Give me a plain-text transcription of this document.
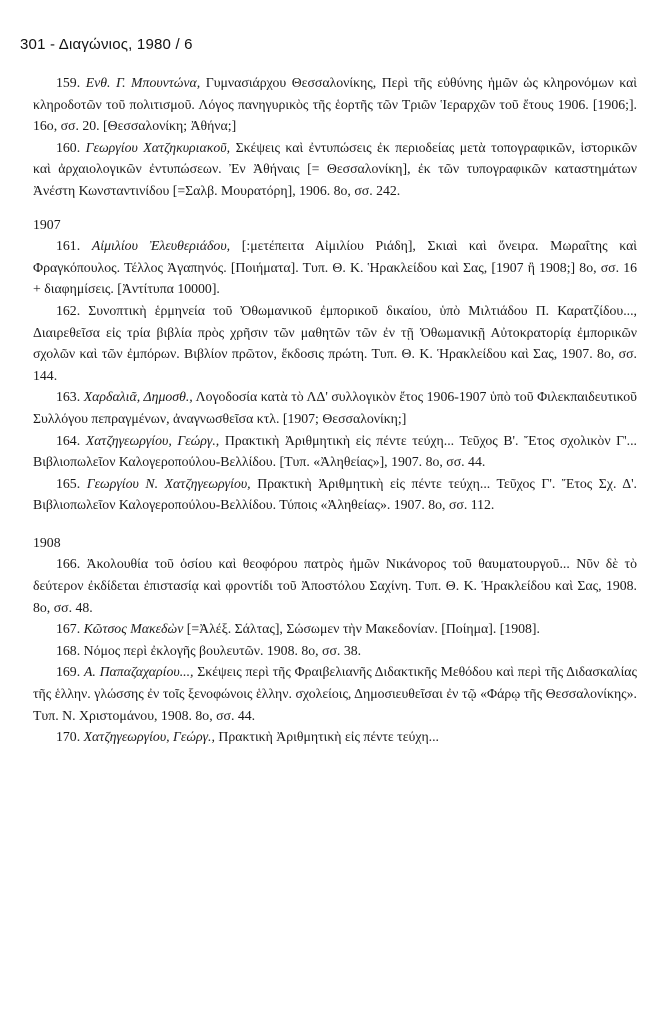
301 - Διαγώνιος, 1980 / 6

159. Ενθ. Γ. Μπουντώνα, Γυμνασιάρχου Θεσσαλονίκης, Περὶ τῆς εὐθύνης ἡμῶν ὡς κληρονόμων καὶ κληροδοτῶν τοῦ πολιτισμοῦ. Λόγος πανηγυρικὸς τῆς ἑορτῆς τῶν Τριῶν Ἱεραρχῶν τοῦ ἔτους 1906. [1906;]. 16ο, σσ. 20. [Θεσσαλονίκη; Ἀθήνα;]

160. Γεωργίου Χατζηκυριακοῦ, Σκέψεις καὶ ἐντυπώσεις ἐκ περιοδείας μετὰ τοπογραφικῶν, ἱστορικῶν καὶ ἀρχαιολογικῶν ἐντυπώσεων. Ἐν Ἀθήναις [= Θεσσαλονίκη], ἐκ τῶν τυπογραφικῶν καταστημάτων Ἀνέστη Κωνσταντινίδου [=Σαλβ. Μουρατόρη], 1906. 8ο, σσ. 242.

1907

161. Αἰμιλίου Ἐλευθεριάδου, [:μετέπειτα Αἰμιλίου Ριάδη], Σκιαὶ καὶ ὄνειρα. Μωραΐτης καὶ Φραγκόπουλος. Τέλλος Ἀγαπηνός. [Ποιήματα]. Τυπ. Θ. Κ. Ἡρακλείδου καὶ Σας, [1907 ἢ 1908;] 8ο, σσ. 16 + διαφημίσεις. [Ἀντίτυπα 10000].

162. Συνοπτικὴ ἑρμηνεία τοῦ Ὀθωμανικοῦ ἐμπορικοῦ δικαίου, ὑπὸ Μιλτιάδου Π. Καρατζίδου..., Διαιρεθεῖσα εἰς τρία βιβλία πρὸς χρῆσιν τῶν μαθητῶν τῶν ἐν τῇ Ὀθωμανικῇ Αὐτοκρατορίᾳ ἐμπορικῶν σχολῶν καὶ τῶν ἐμπόρων. Βιβλίον πρῶτον, ἔκδοσις πρώτη. Τυπ. Θ. Κ. Ἡρακλείδου καὶ Σας, 1907. 8ο, σσ. 144.

163. Χαρδαλιᾶ, Δημοσθ., Λογοδοσία κατὰ τὸ ΛΔ' συλλογικὸν ἔτος 1906-1907 ὑπὸ τοῦ Φιλεκπαιδευτικοῦ Συλλόγου πεπραγμένων, ἀναγνωσθεῖσα κτλ. [1907; Θεσσαλονίκη;]

164. Χατζηγεωργίου, Γεώργ., Πρακτικὴ Ἀριθμητικὴ εἰς πέντε τεύχη... Τεῦχος Β'. Ἔτος σχολικὸν Γ'... Βιβλιοπωλεῖον Καλογεροπούλου-Βελλίδου. [Τυπ. «Ἀληθείας»], 1907. 8ο, σσ. 44.

165. Γεωργίου Ν. Χατζηγεωργίου, Πρακτικὴ Ἀριθμητικὴ εἰς πέντε τεύχη... Τεῦχος Γ'. Ἔτος Σχ. Δ'. Βιβλιοπωλεῖον Καλογεροπούλου-Βελλίδου. Τύποις «Ἀληθείας». 1907. 8ο, σσ. 112.

1908

166. Ἀκολουθία τοῦ ὁσίου καὶ θεοφόρου πατρὸς ἡμῶν Νικάνορος τοῦ θαυματουργοῦ... Νῦν δὲ τὸ δεύτερον ἐκδίδεται ἐπιστασίᾳ καὶ φροντίδι τοῦ Ἀποστόλου Σαχίνη. Τυπ. Θ. Κ. Ἡρακλείδου καὶ Σας, 1908. 8ο, σσ. 48.

167. Κῶτσος Μακεδὼν [=Ἀλέξ. Σάλτας], Σώσωμεν τὴν Μακεδονίαν. [Ποίημα]. [1908].

168. Νόμος περὶ ἐκλογῆς βουλευτῶν. 1908. 8ο, σσ. 38.

169. Α. Παπαζαχαρίου..., Σκέψεις περὶ τῆς Φραιβελιανῆς Διδακτικῆς Μεθόδου καὶ περὶ τῆς Διδασκαλίας τῆς ἑλλην. γλώσσης ἐν τοῖς ξενοφώνοις ἑλλην. σχολείοις, Δημοσιευθεῖσαι ἐν τῷ «Φάρῳ τῆς Θεσσαλονίκης». Τυπ. Ν. Χριστομάνου, 1908. 8ο, σσ. 44.

170. Χατζηγεωργίου, Γεώργ., Πρακτικὴ Ἀριθμητικὴ εἰς πέντε τεύχη...
